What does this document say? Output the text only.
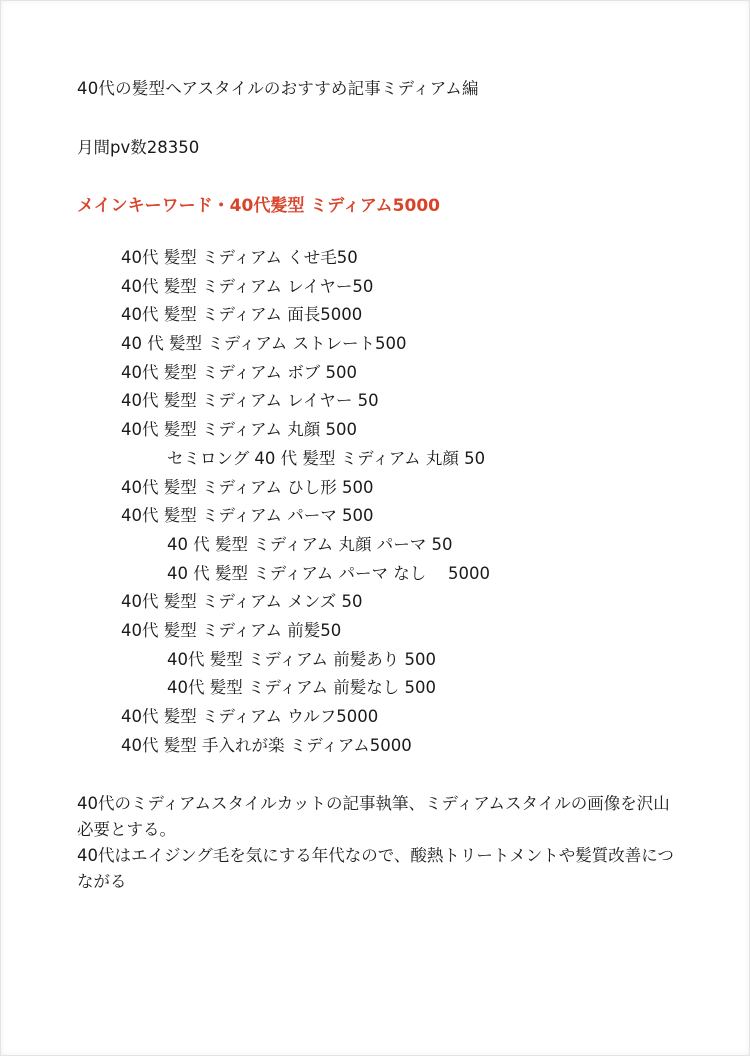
40代の髪型ヘアスタイルのおすすめ記事ミディアム編
月間pv数28350
メインキーワード・40代髪型 ミディアム5000
40代 髪型 ミディアム くせ毛50
40代 髪型 ミディアム レイヤー50
40代 髪型 ミディアム 面長5000
40 代 髪型 ミディアム ストレート500
40代 髪型 ミディアム ボブ 500
40代 髪型 ミディアム レイヤー 50
40代 髪型 ミディアム 丸顔 500
セミロング 40 代 髪型 ミディアム 丸顔 50
40代 髪型 ミディアム ひし形 500
40代 髪型 ミディアム パーマ 500
40 代 髪型 ミディアム 丸顔 パーマ 50
40 代 髪型 ミディアム パーマ なし　 5000
40代 髪型 ミディアム メンズ 50
40代 髪型 ミディアム 前髪50
40代 髪型 ミディアム 前髪あり 500
40代 髪型 ミディアム 前髪なし 500
40代 髪型 ミディアム ウルフ5000
40代 髪型 手入れが楽 ミディアム5000

40代のミディアムスタイルカットの記事執筆、ミディアムスタイルの画像を沢山必要とする。

40代はエイジング毛を気にする年代なので、酸熱トリートメントや髪質改善につながる
